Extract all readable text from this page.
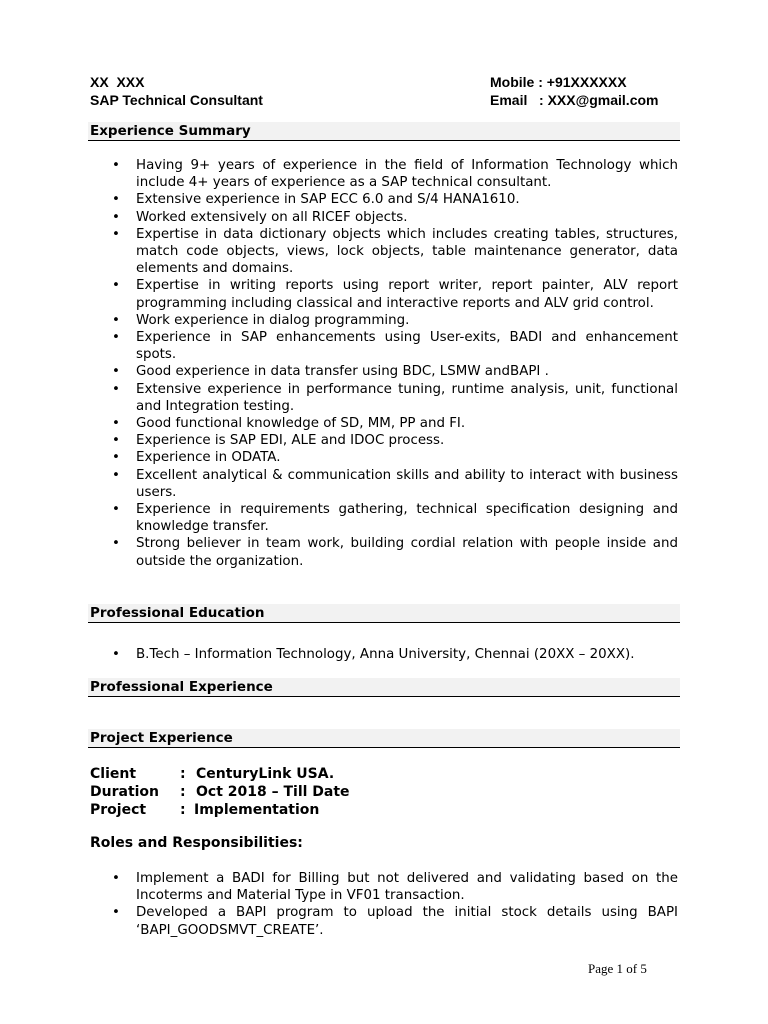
XX  XXX
SAP Technical Consultant
Mobile : +91XXXXXX
Email   : XXX@gmail.com
Experience Summary
• Having 9+ years of experience in the field of Information Technology which include 4+ years of experience as a SAP technical consultant.
• Extensive experience in SAP ECC 6.0 and S/4 HANA1610.
• Worked extensively on all RICEF objects.
• Expertise in data dictionary objects which includes creating tables, structures, match code objects, views, lock objects, table maintenance generator, data elements and domains.
• Expertise in writing reports using report writer, report painter, ALV report programming including classical and interactive reports and ALV grid control.
• Work experience in dialog programming.
• Experience in SAP enhancements using User-exits, BADI and enhancement spots.
• Good experience in data transfer using BDC, LSMW andBAPI .
• Extensive experience in performance tuning, runtime analysis, unit, functional and Integration testing.
• Good functional knowledge of SD, MM, PP and FI.
• Experience is SAP EDI, ALE and IDOC process.
• Experience in ODATA.
• Excellent analytical & communication skills and ability to interact with business users.
• Experience in requirements gathering, technical specification designing and knowledge transfer.
• Strong believer in team work, building cordial relation with people inside and outside the organization.
Professional Education
• B.Tech – Information Technology, Anna University, Chennai (20XX – 20XX).
Professional Experience
Project Experience
Client	: CenturyLink USA.
Duration : Oct 2018 – Till Date
Project : Implementation
Roles and Responsibilities:
• Implement a BADI for Billing but not delivered and validating based on the Incoterms and Material Type in VF01 transaction.
• Developed a BAPI program to upload the initial stock details using BAPI ‘BAPI_GOODSMVT_CREATE’.
Page 1 of 5
